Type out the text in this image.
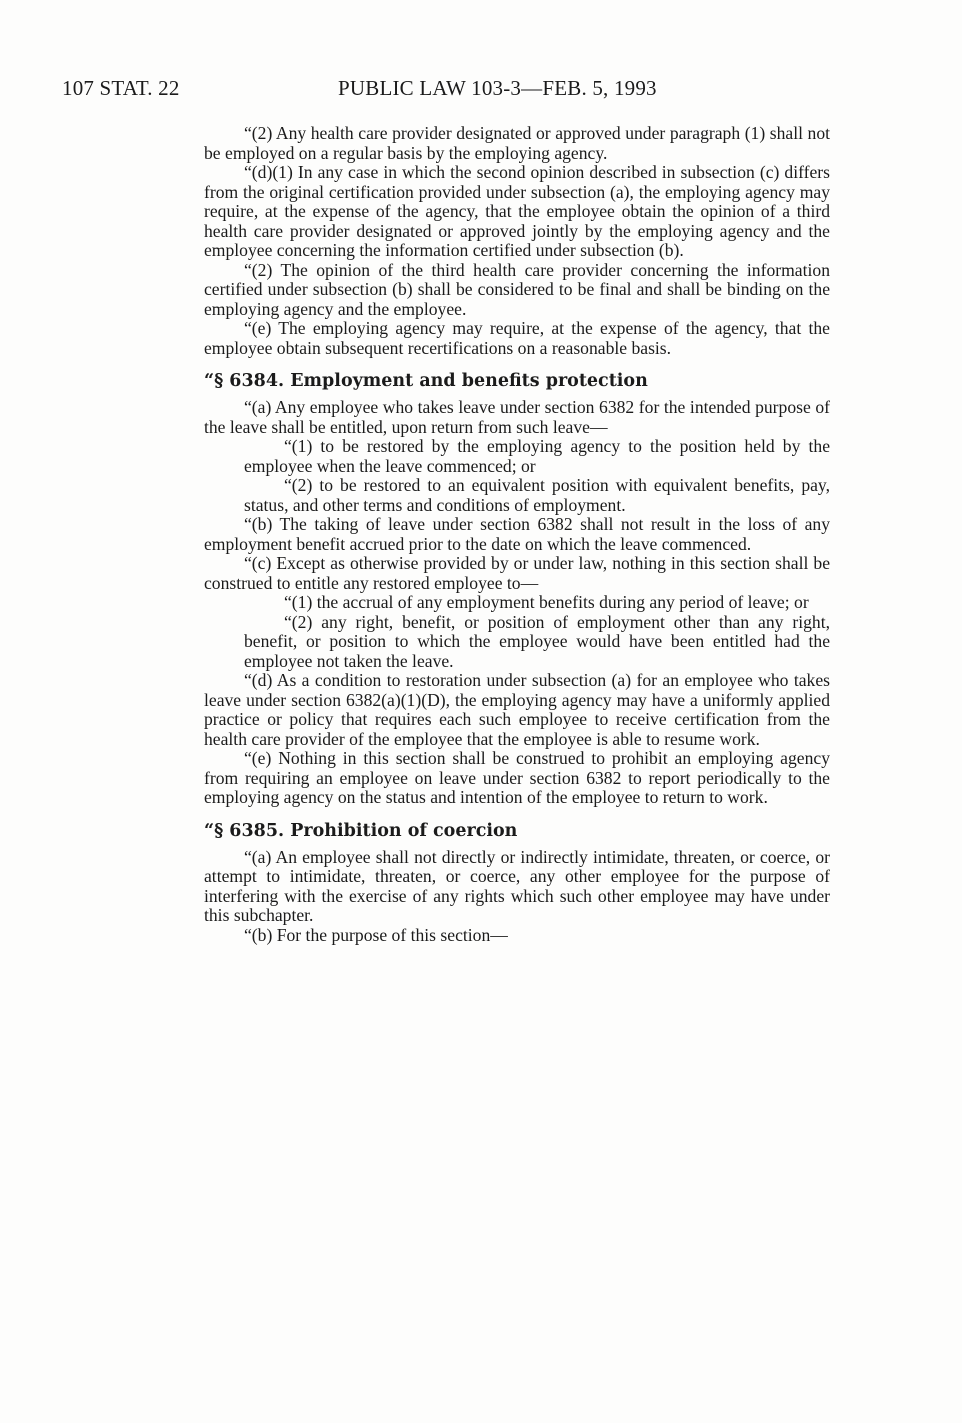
107 STAT. 22	PUBLIC LAW 103-3—FEB. 5, 1993

“(2) Any health care provider designated or approved under paragraph (1) shall not be employed on a regular basis by the employing agency.

“(d)(1) In any case in which the second opinion described in subsection (c) differs from the original certification provided under subsection (a), the employing agency may require, at the expense of the agency, that the employee obtain the opinion of a third health care provider designated or approved jointly by the employing agency and the employee concerning the information certified under subsection (b).

“(2) The opinion of the third health care provider concerning the information certified under subsection (b) shall be considered to be final and shall be binding on the employing agency and the employee.

“(e) The employing agency may require, at the expense of the agency, that the employee obtain subsequent recertifications on a reasonable basis.

“§ 6384. Employment and benefits protection

“(a) Any employee who takes leave under section 6382 for the intended purpose of the leave shall be entitled, upon return from such leave—

“(1) to be restored by the employing agency to the position held by the employee when the leave commenced; or

“(2) to be restored to an equivalent position with equivalent benefits, pay, status, and other terms and conditions of employment.

“(b) The taking of leave under section 6382 shall not result in the loss of any employment benefit accrued prior to the date on which the leave commenced.

“(c) Except as otherwise provided by or under law, nothing in this section shall be construed to entitle any restored employee to—

“(1) the accrual of any employment benefits during any period of leave; or

“(2) any right, benefit, or position of employment other than any right, benefit, or position to which the employee would have been entitled had the employee not taken the leave.

“(d) As a condition to restoration under subsection (a) for an employee who takes leave under section 6382(a)(1)(D), the employing agency may have a uniformly applied practice or policy that requires each such employee to receive certification from the health care provider of the employee that the employee is able to resume work.

“(e) Nothing in this section shall be construed to prohibit an employing agency from requiring an employee on leave under section 6382 to report periodically to the employing agency on the status and intention of the employee to return to work.

“§ 6385. Prohibition of coercion

“(a) An employee shall not directly or indirectly intimidate, threaten, or coerce, or attempt to intimidate, threaten, or coerce, any other employee for the purpose of interfering with the exercise of any rights which such other employee may have under this subchapter.

“(b) For the purpose of this section—
